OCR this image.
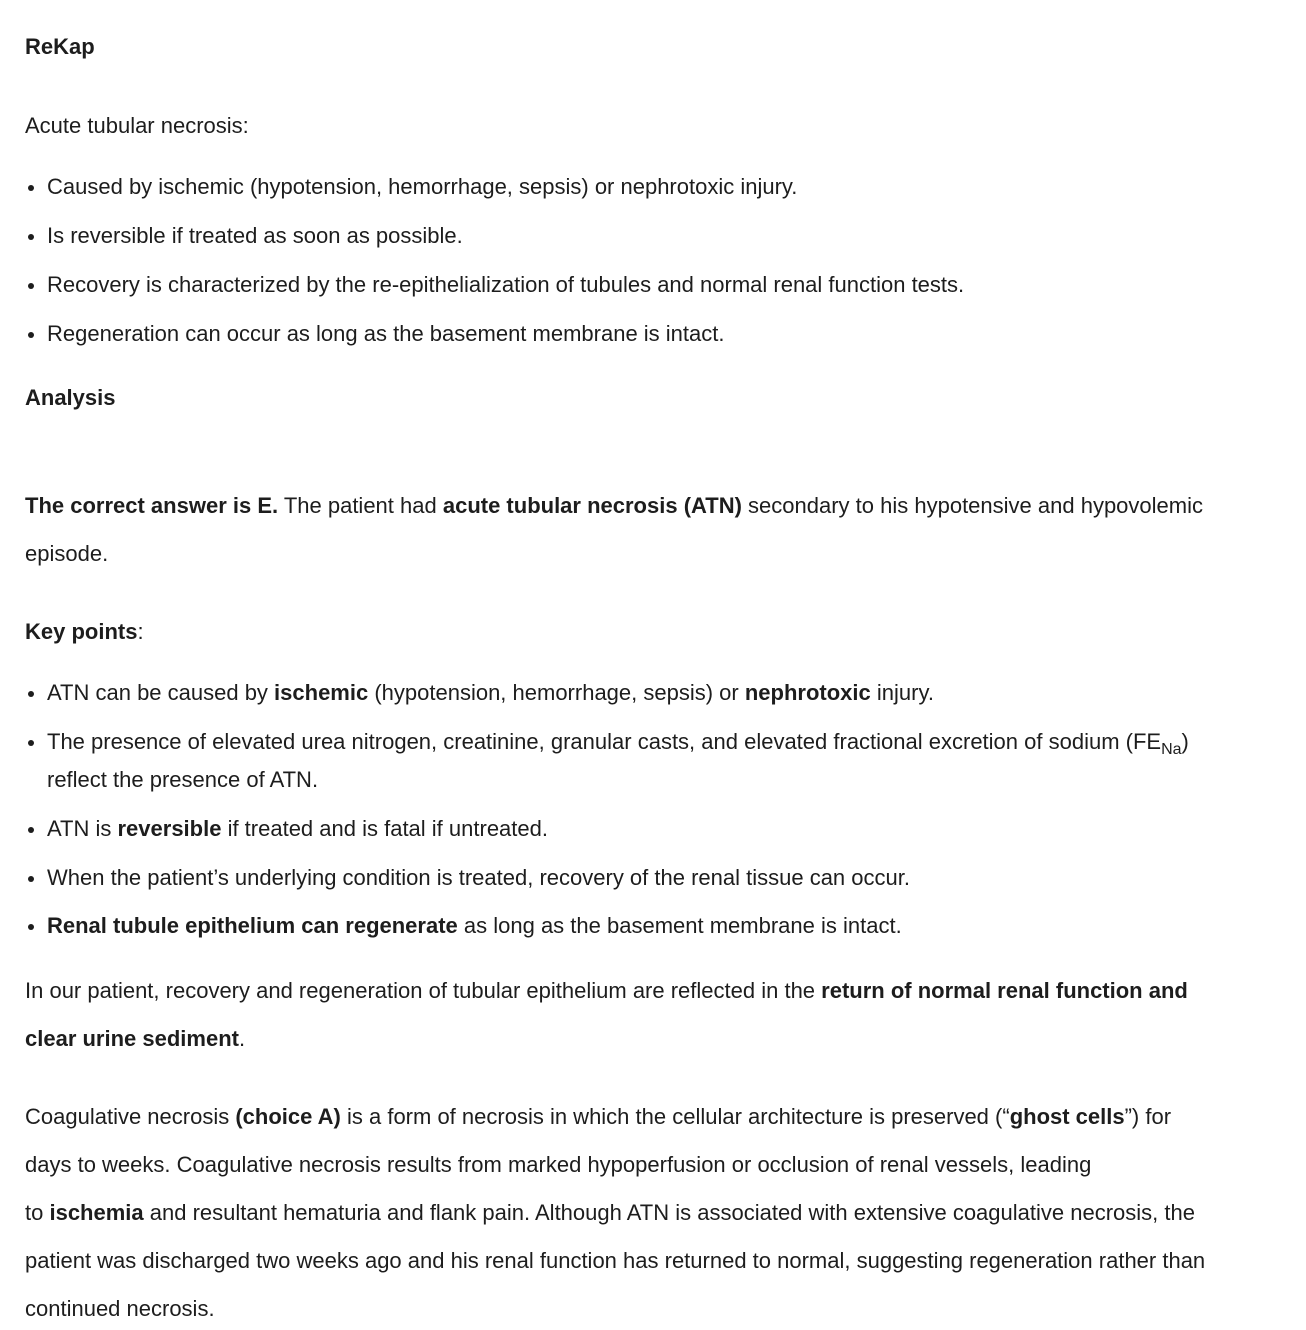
ReKap
Acute tubular necrosis:
Caused by ischemic (hypotension, hemorrhage, sepsis) or nephrotoxic injury.
Is reversible if treated as soon as possible.
Recovery is characterized by the re-epithelialization of tubules and normal renal function tests.
Regeneration can occur as long as the basement membrane is intact.
Analysis
The correct answer is E. The patient had acute tubular necrosis (ATN) secondary to his hypotensive and hypovolemic
episode.
Key points:
ATN can be caused by ischemic (hypotension, hemorrhage, sepsis) or nephrotoxic injury.
The presence of elevated urea nitrogen, creatinine, granular casts, and elevated fractional excretion of sodium $(FE_{Na})$
reflect the presence of ATN.
ATN is reversible if treated and is fatal if untreated.
When the patient’s underlying condition is treated, recovery of the renal tissue can occur.
Renal tubule epithelium can regenerate as long as the basement membrane is intact.
In our patient, recovery and regeneration of tubular epithelium are reflected in the return of normal renal function and
clear urine sediment.
Coagulative necrosis (choice A) is a form of necrosis in which the cellular architecture is preserved (“ghost cells”) for
days to weeks. Coagulative necrosis results from marked hypoperfusion or occlusion of renal vessels, leading
to ischemia and resultant hematuria and flank pain. Although ATN is associated with extensive coagulative necrosis, the
patient was discharged two weeks ago and his renal function has returned to normal, suggesting regeneration rather than
continued necrosis.
